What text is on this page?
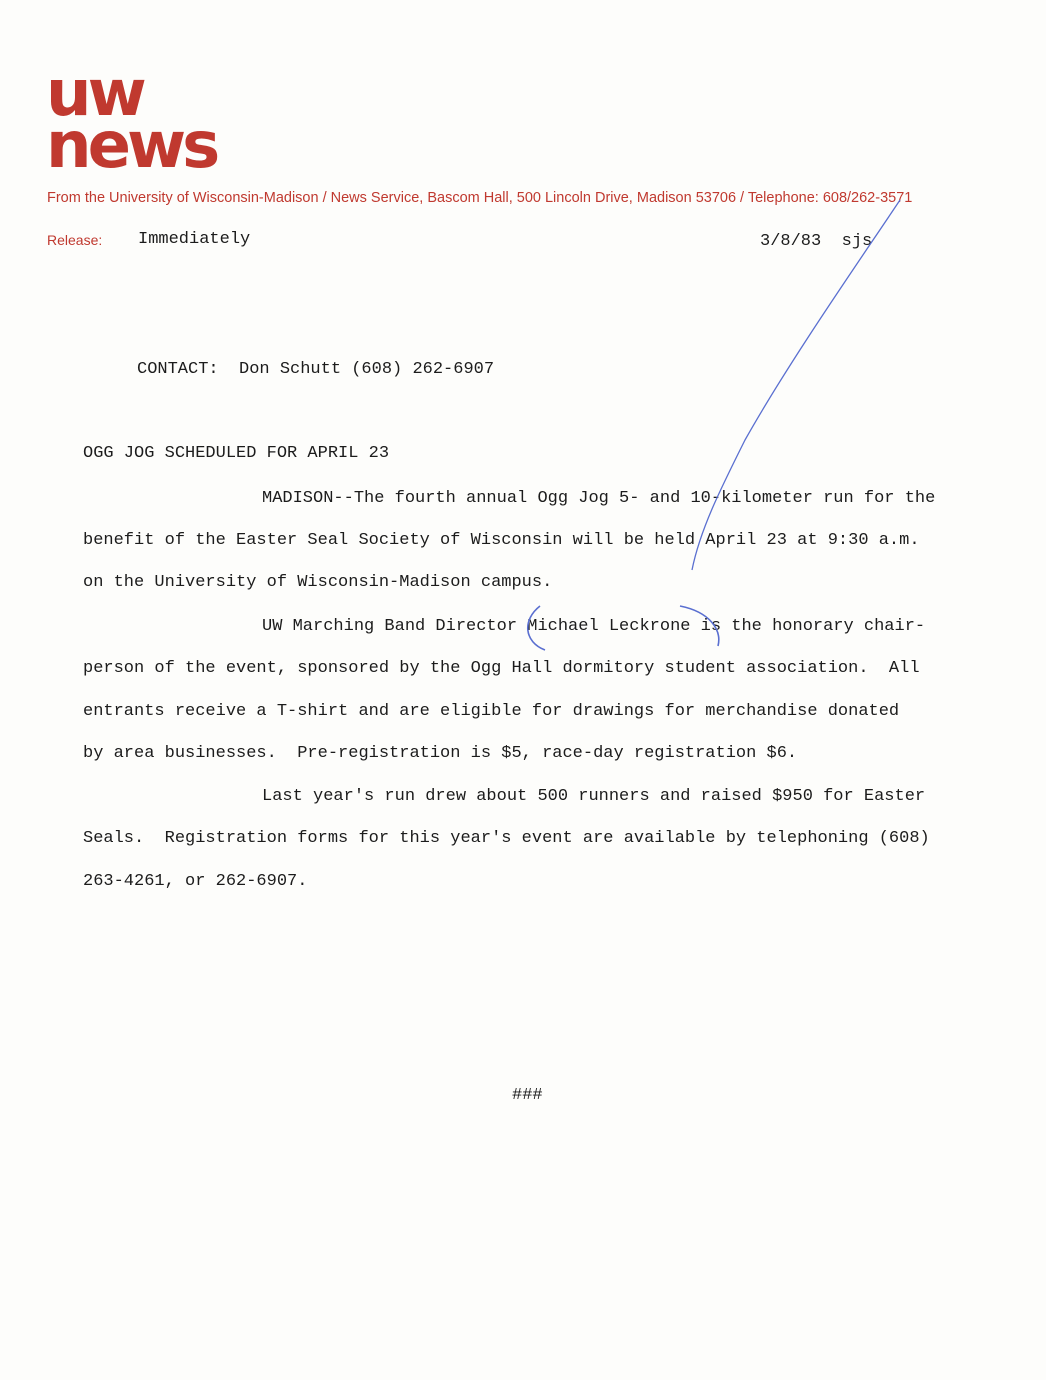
uw
news
From the University of Wisconsin-Madison / News Service, Bascom Hall, 500 Lincoln Drive, Madison 53706 / Telephone: 608/262-3571
Release: Immediately	3/8/83  sjs
CONTACT:  Don Schutt (608) 262-6907
OGG JOG SCHEDULED FOR APRIL 23
MADISON--The fourth annual Ogg Jog 5- and 10-kilometer run for the
benefit of the Easter Seal Society of Wisconsin will be held April 23 at 9:30 a.m.
on the University of Wisconsin-Madison campus.
UW Marching Band Director Michael Leckrone is the honorary chair-
person of the event, sponsored by the Ogg Hall dormitory student association.  All
entrants receive a T-shirt and are eligible for drawings for merchandise donated
by area businesses.  Pre-registration is $5, race-day registration $6.
Last year's run drew about 500 runners and raised $950 for Easter
Seals.  Registration forms for this year's event are available by telephoning (608)
263-4261, or 262-6907.
###
